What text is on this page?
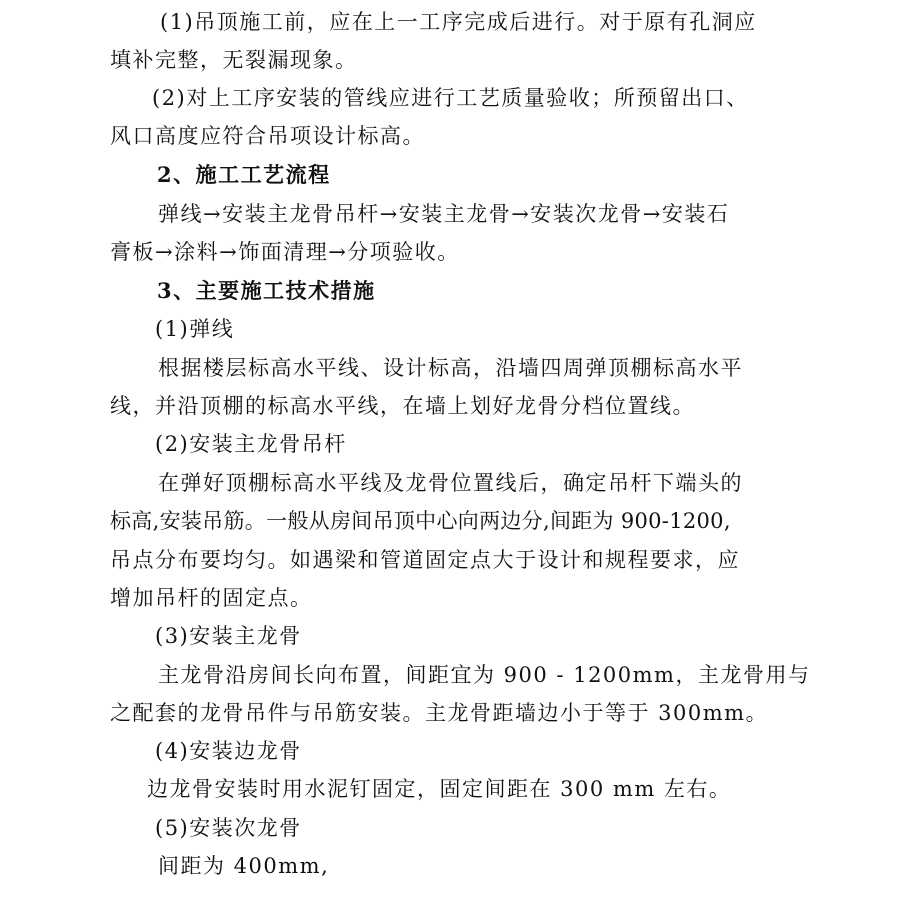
(1)吊顶施工前，应在上一工序完成后进行。对于原有孔洞应
填补完整，无裂漏现象。
(2)对上工序安装的管线应进行工艺质量验收；所预留出口、
风口高度应符合吊项设计标高。
2、施工工艺流程
弹线→安装主龙骨吊杆→安装主龙骨→安装次龙骨→安装石
膏板→涂料→饰面清理→分项验收。
3、主要施工技术措施
(1)弹线
根据楼层标高水平线、设计标高，沿墙四周弹顶棚标高水平
线，并沿顶棚的标高水平线，在墙上划好龙骨分档位置线。
(2)安装主龙骨吊杆
在弹好顶棚标高水平线及龙骨位置线后，确定吊杆下端头的
标高,安装吊筋。一般从房间吊顶中心向两边分,间距为 900-1200,
吊点分布要均匀。如遇梁和管道固定点大于设计和规程要求，应
增加吊杆的固定点。
(3)安装主龙骨
主龙骨沿房间长向布置，间距宜为 900 - 1200mm，主龙骨用与
之配套的龙骨吊件与吊筋安装。主龙骨距墙边小于等于 300mm。
(4)安装边龙骨
边龙骨安装时用水泥钉固定，固定间距在 300 mm 左右。
(5)安装次龙骨
间距为 400mm,
